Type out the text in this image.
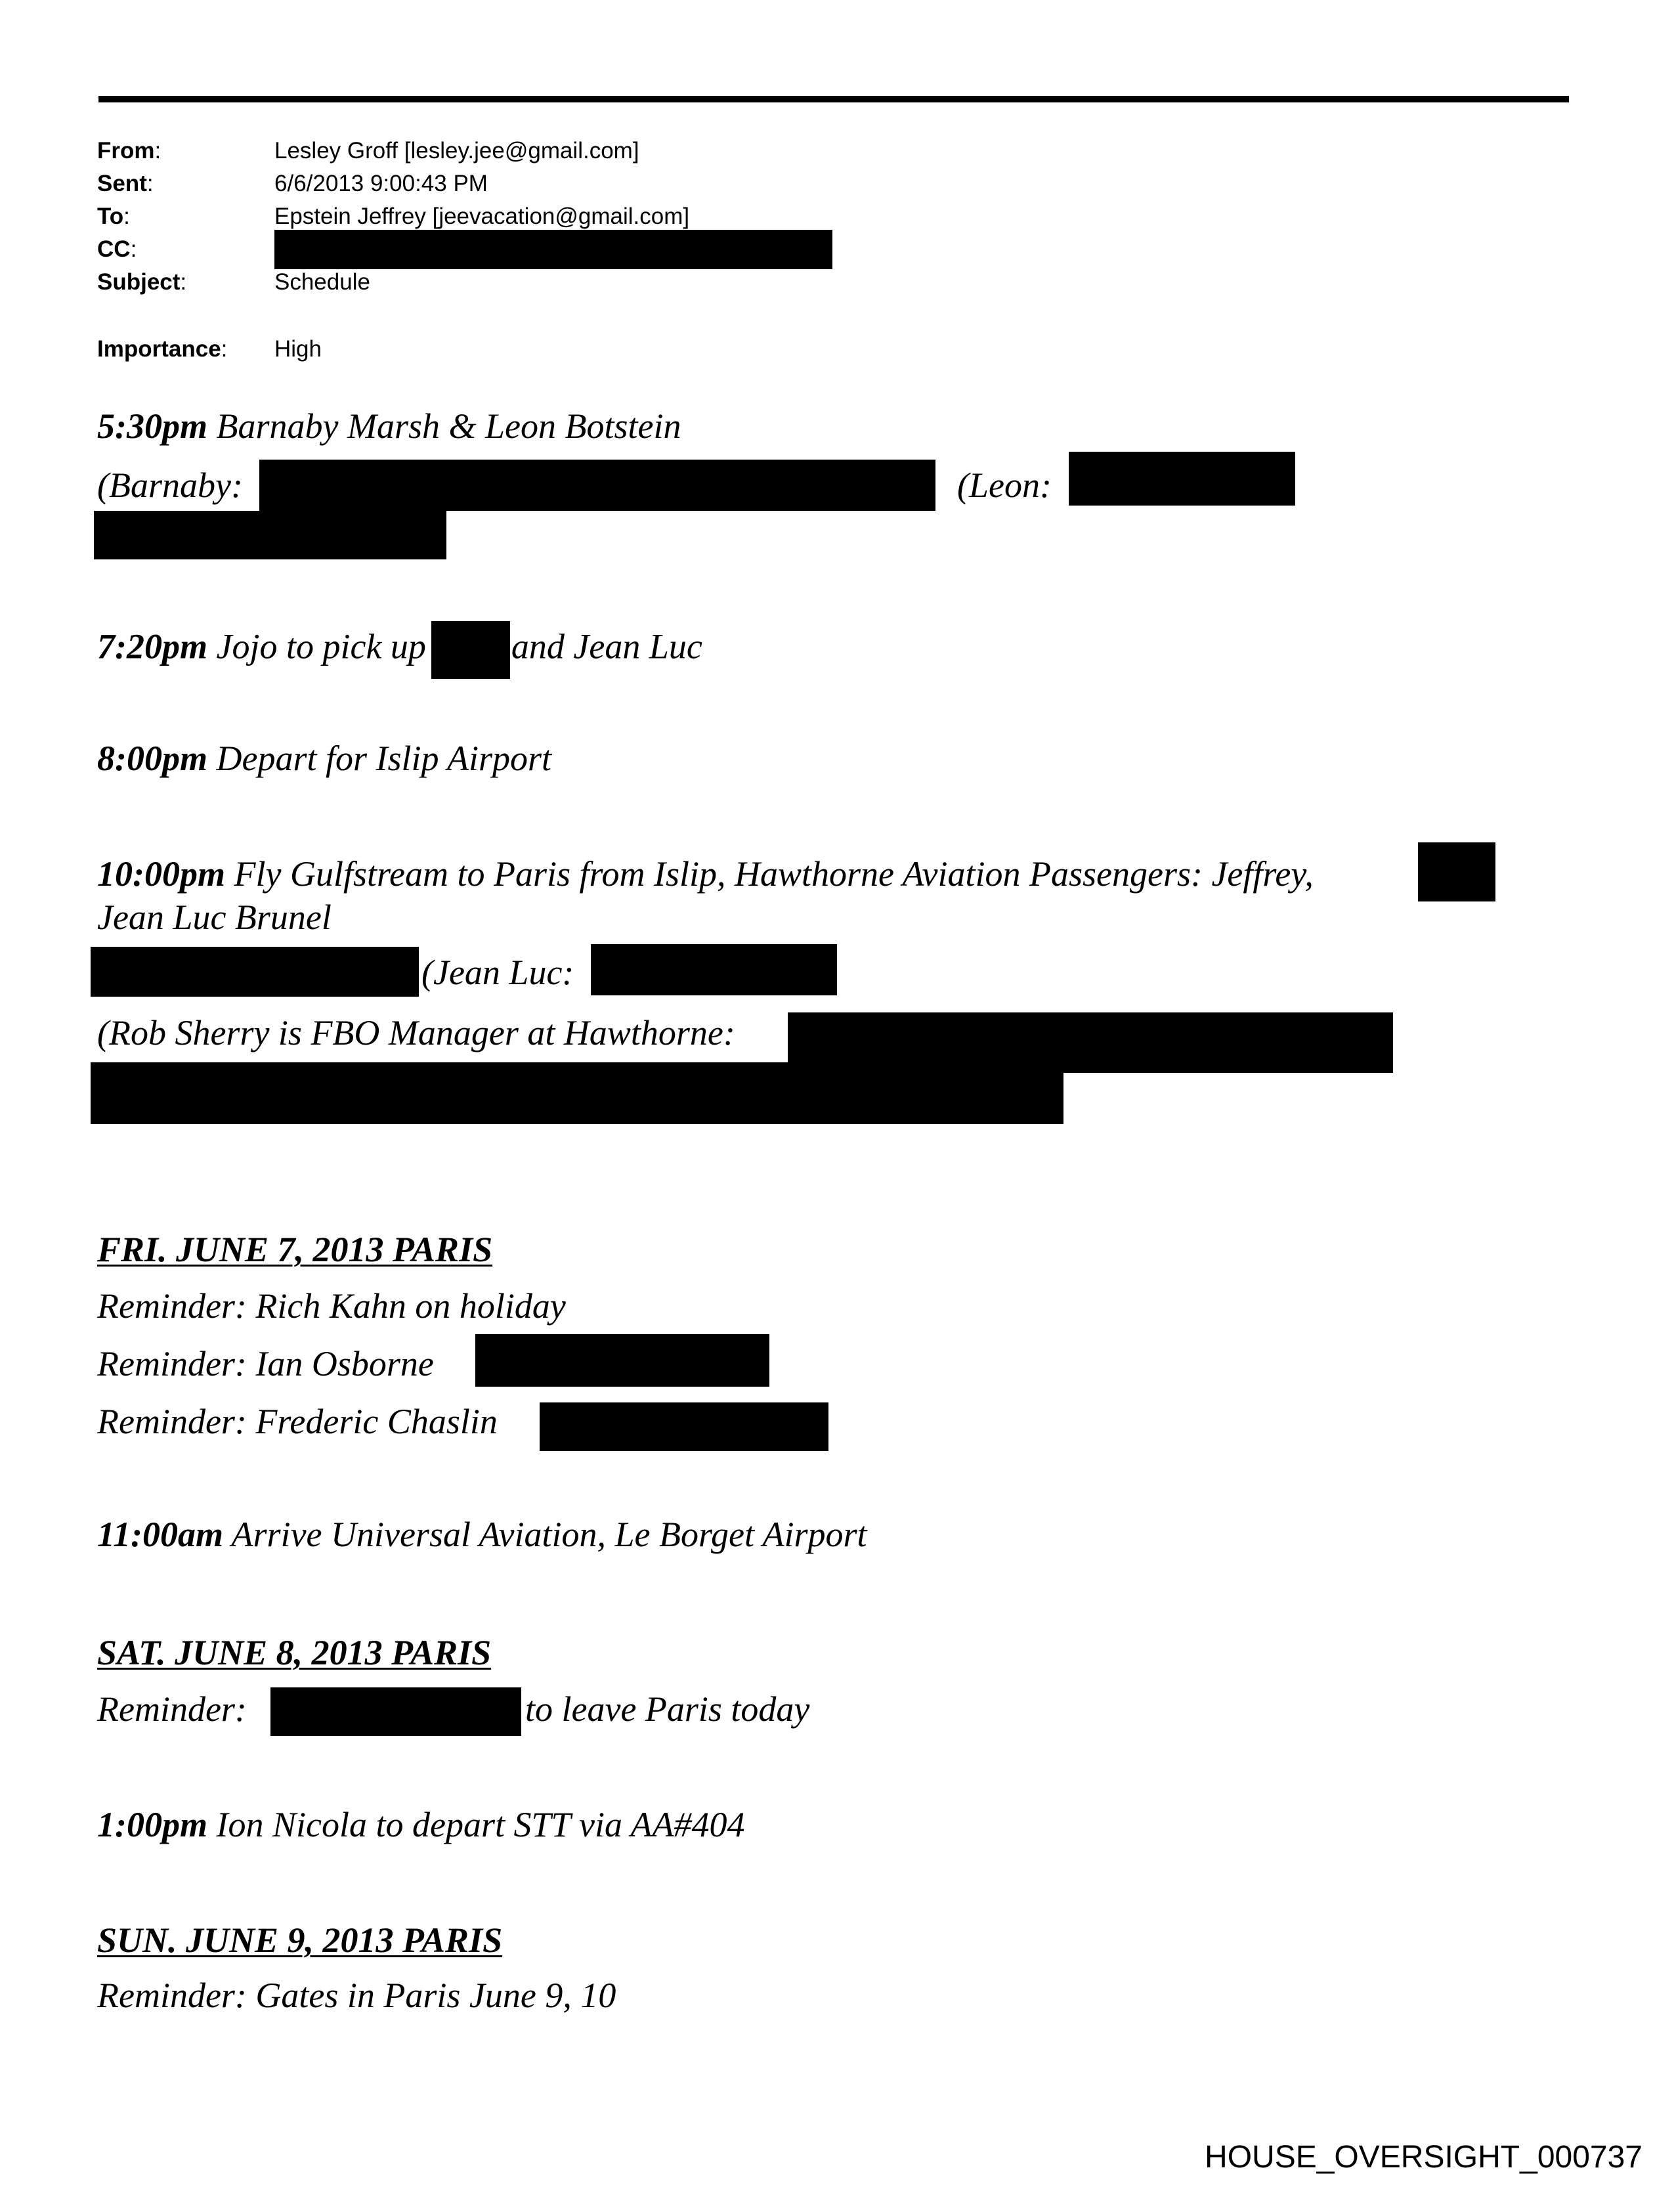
From:	Lesley Groff [lesley.jee@gmail.com]
Sent:	6/6/2013 9:00:43 PM
To:	Epstein Jeffrey [jeevacation@gmail.com]
CC:
Subject:	Schedule
Importance: High
5:30pm Barnaby Marsh & Leon Botstein
(Barnaby:	(Leon:
7:20pm Jojo to pick up and Jean Luc
8:00pm Depart for Islip Airport
10:00pm Fly Gulfstream to Paris from Islip, Hawthorne Aviation Passengers: Jeffrey,
Jean Luc Brunel
(Jean Luc:
(Rob Sherry is FBO Manager at Hawthorne:
FRI. JUNE 7, 2013 PARIS
Reminder: Rich Kahn on holiday
Reminder: Ian Osborne
Reminder: Frederic Chaslin
11:00am Arrive Universal Aviation, Le Borget Airport
SAT. JUNE 8, 2013 PARIS
Reminder:	to leave Paris today
1:00pm Ion Nicola to depart STT via AA#404
SUN. JUNE 9, 2013 PARIS
Reminder: Gates in Paris June 9, 10
HOUSE_OVERSIGHT_000737
